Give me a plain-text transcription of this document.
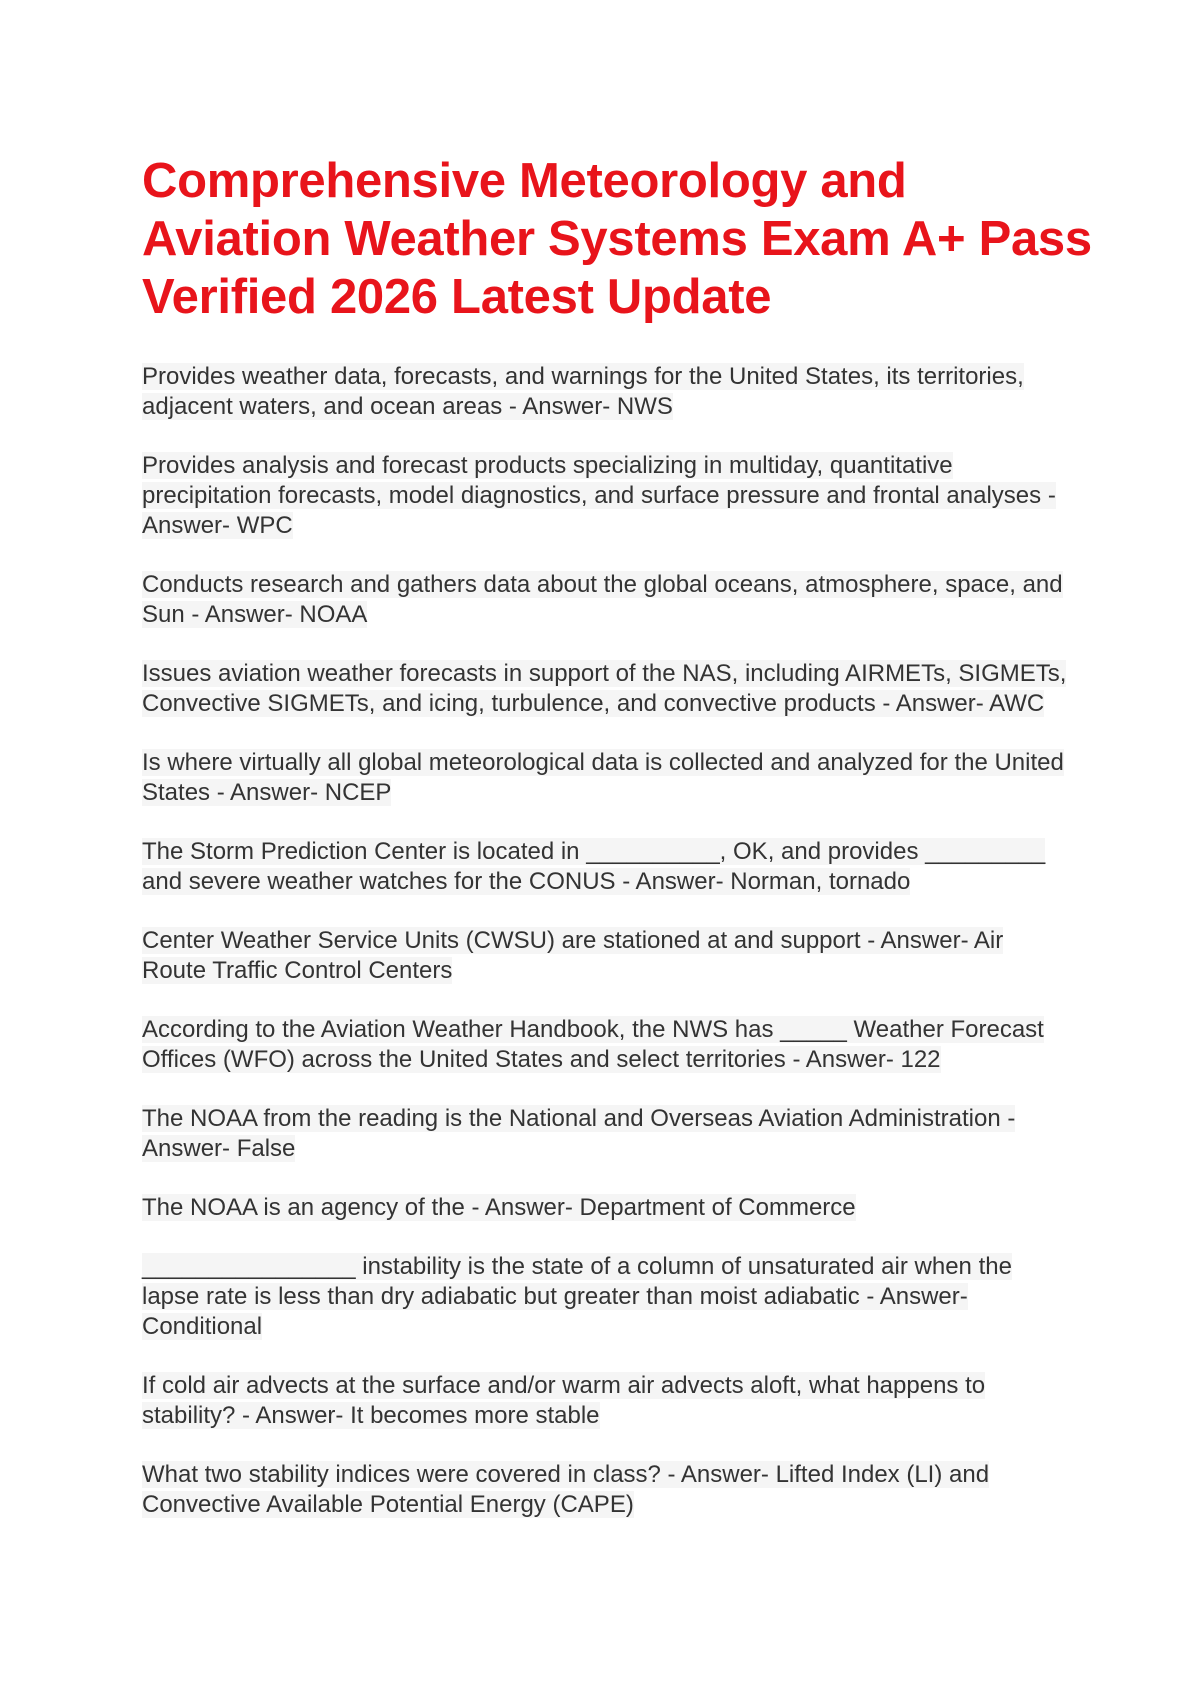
Comprehensive Meteorology and Aviation Weather Systems Exam A+ Pass Verified 2026 Latest Update
Provides weather data, forecasts, and warnings for the United States, its territories, adjacent waters, and ocean areas - Answer- NWS
Provides analysis and forecast products specializing in multiday, quantitative precipitation forecasts, model diagnostics, and surface pressure and frontal analyses - Answer- WPC
Conducts research and gathers data about the global oceans, atmosphere, space, and Sun - Answer- NOAA
Issues aviation weather forecasts in support of the NAS, including AIRMETs, SIGMETs, Convective SIGMETs, and icing, turbulence, and convective products - Answer- AWC
Is where virtually all global meteorological data is collected and analyzed for the United States - Answer- NCEP
The Storm Prediction Center is located in __________, OK, and provides _________ and severe weather watches for the CONUS - Answer- Norman, tornado
Center Weather Service Units (CWSU) are stationed at and support - Answer- Air Route Traffic Control Centers
According to the Aviation Weather Handbook, the NWS has _____ Weather Forecast Offices (WFO) across the United States and select territories - Answer- 122
The NOAA from the reading is the National and Overseas Aviation Administration - Answer- False
The NOAA is an agency of the - Answer- Department of Commerce
________________ instability is the state of a column of unsaturated air when the lapse rate is less than dry adiabatic but greater than moist adiabatic - Answer- Conditional
If cold air advects at the surface and/or warm air advects aloft, what happens to stability? - Answer- It becomes more stable
What two stability indices were covered in class? - Answer- Lifted Index (LI) and Convective Available Potential Energy (CAPE)
